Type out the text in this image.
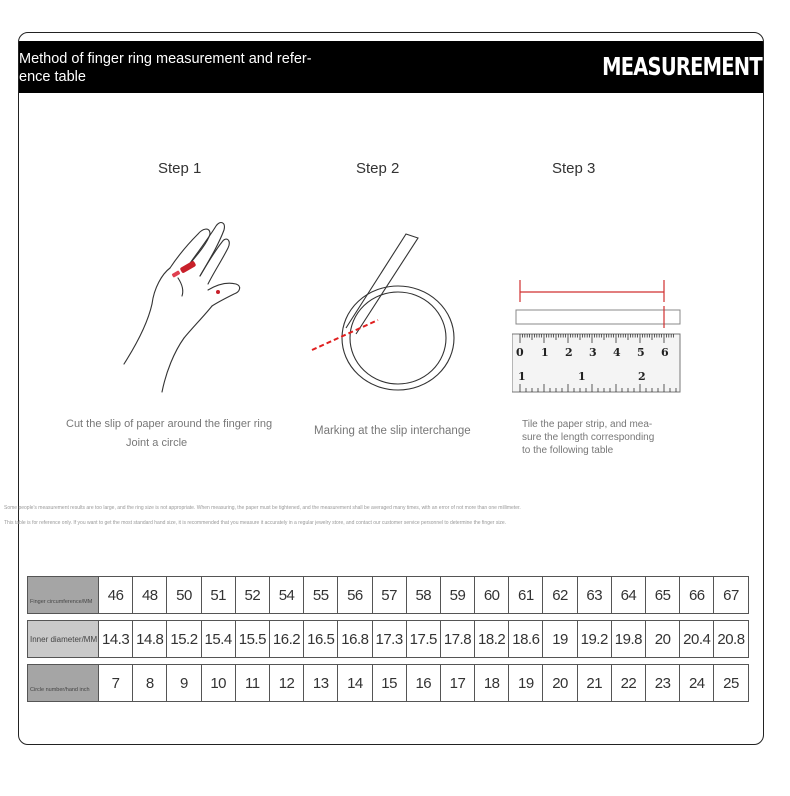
Method of finger ring measurement and refer-
ence table	MEASUREMENT
Step 1	Step 2	Step 3
0 1 2 3 4 5 6
1	1	2
Cut the slip of paper around the finger ring
Joint a circle
Marking at the slip interchange
Tile the paper strip, and mea-
sure the length corresponding
to the following table
Some people's measurement results are too large, and the ring size is not appropriate. When measuring, the paper must be tightened, and the measurement shall be averaged many times, with an error of not more than one millimeter.
This table is for reference only. If you want to get the most standard hand size, it is recommended that you measure it accurately in a regular jewelry store, and contact our customer service personnel to determine the finger size.
Finger circumference/MM	46	48	50	51	52	54	55	56	57	58	59	60	61	62	63	64	65	66	67
Inner diameter/MM 14.3 14.8 15.2 15.4 15.5 16.2 16.5 16.8 17.3 17.5 17.8 18.2 18.6 19 19.2 19.8 20 20.4 20.8
Circle number/hand inch	7	8	9	10	11	12	13	14	15	16	17	18	19	20	21	22	23	24	25
